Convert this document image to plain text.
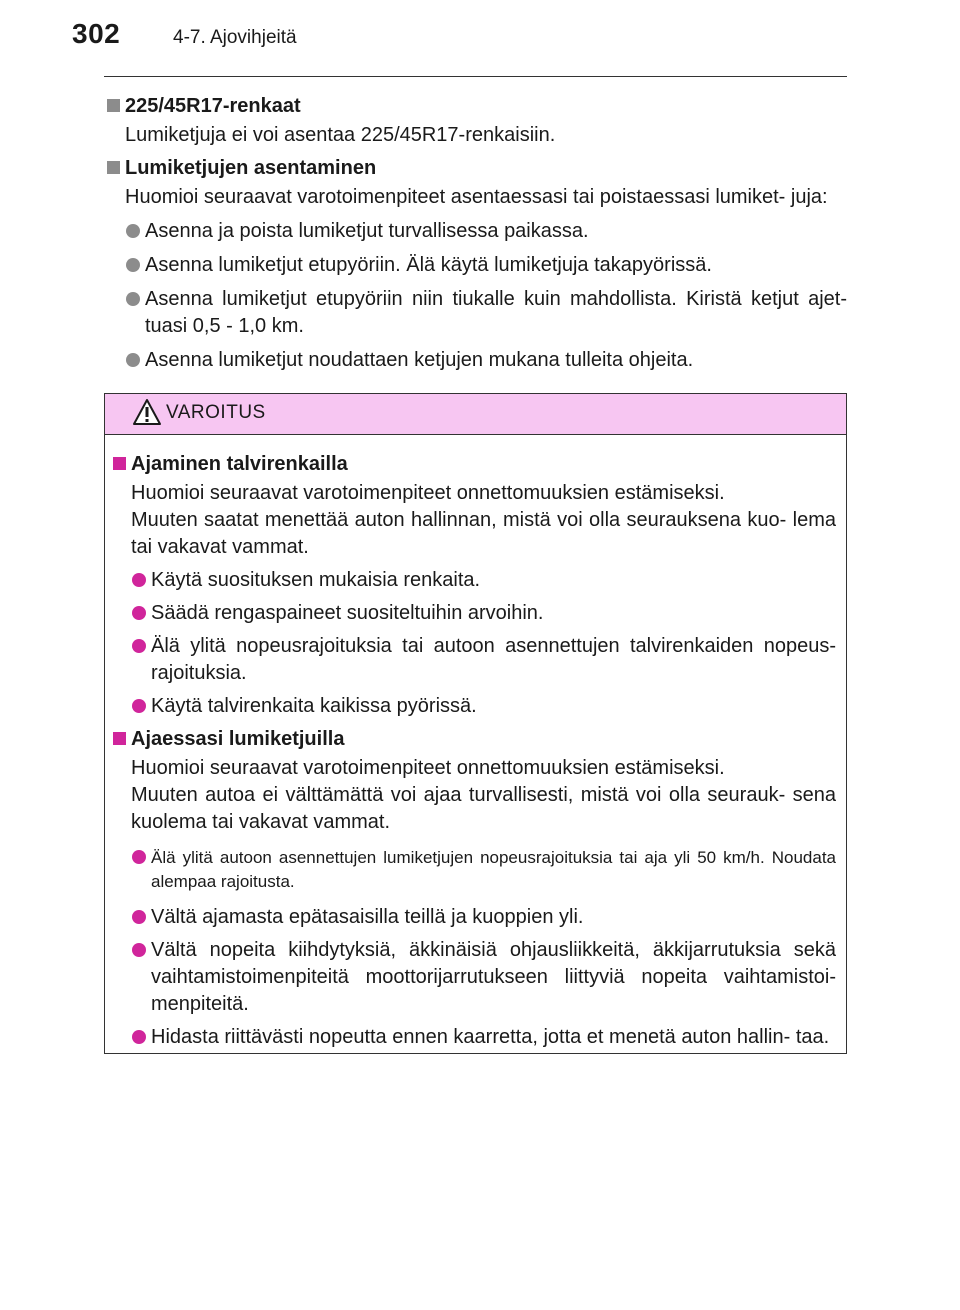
302	4-7. Ajovihjeitä
225/45R17-renkaat
Lumiketjuja ei voi asentaa 225/45R17-renkaisiin.
Lumiketjujen asentaminen
Huomioi seuraavat varotoimenpiteet asentaessasi tai poistaessasi lumiket- juja:
Asenna ja poista lumiketjut turvallisessa paikassa.
Asenna lumiketjut etupyöriin. Älä käytä lumiketjuja takapyörissä.
Asenna lumiketjut etupyöriin niin tiukalle kuin mahdollista. Kiristä ketjut ajet- tuasi 0,5 - 1,0 km.
Asenna lumiketjut noudattaen ketjujen mukana tulleita ohjeita.
VAROITUS
Ajaminen talvirenkailla
Huomioi seuraavat varotoimenpiteet onnettomuuksien estämiseksi.
Muuten saatat menettää auton hallinnan, mistä voi olla seurauksena kuo- lema tai vakavat vammat.
Käytä suosituksen mukaisia renkaita.
Säädä rengaspaineet suositeltuihin arvoihin.
Älä ylitä nopeusrajoituksia tai autoon asennettujen talvirenkaiden nopeus- rajoituksia.
Käytä talvirenkaita kaikissa pyörissä.
Ajaessasi lumiketjuilla
Huomioi seuraavat varotoimenpiteet onnettomuuksien estämiseksi.
Muuten autoa ei välttämättä voi ajaa turvallisesti, mistä voi olla seurauk- sena kuolema tai vakavat vammat.
Älä ylitä autoon asennettujen lumiketjujen nopeusrajoituksia tai aja yli 50 km/h. Noudata alempaa rajoitusta.
Vältä ajamasta epätasaisilla teillä ja kuoppien yli.
Vältä nopeita kiihdytyksiä, äkkinäisiä ohjausliikkeitä, äkkijarrutuksia sekä vaihtamistoimenpiteitä moottorijarrutukseen liittyviä nopeita vaihtamistoi- menpiteitä.
Hidasta riittävästi nopeutta ennen kaarretta, jotta et menetä auton hallin- taa.
